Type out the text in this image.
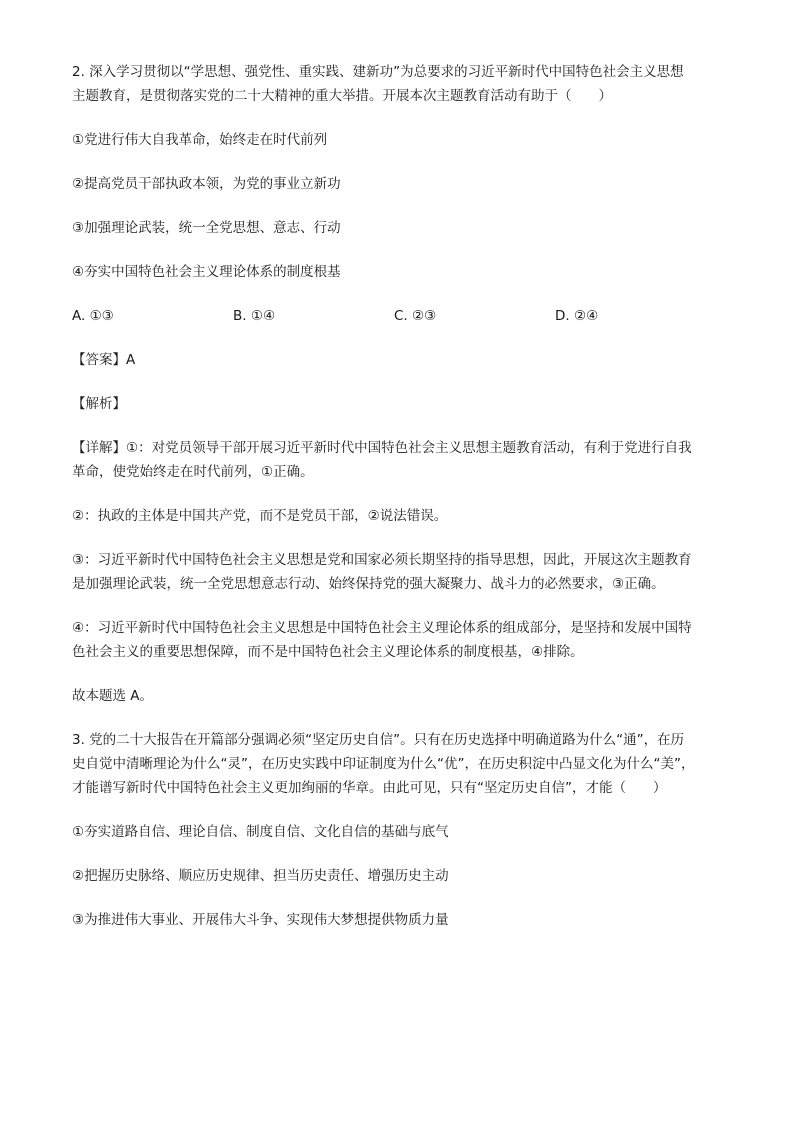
2. 深入学习贯彻以“学思想、强党性、重实践、建新功”为总要求的习近平新时代中国特色社会主义思想

主题教育，是贯彻落实党的二十大精神的重大举措。开展本次主题教育活动有助于（　　）

①党进行伟大自我革命，始终走在时代前列

②提高党员干部执政本领，为党的事业立新功

③加强理论武装，统一全党思想、意志、行动

④夯实中国特色社会主义理论体系的制度根基

A. ①③	B. ①④	C. ②③	D. ②④

【答案】A

【解析】

【详解】①：对党员领导干部开展习近平新时代中国特色社会主义思想主题教育活动，有利于党进行自我

革命，使党始终走在时代前列，①正确。

②：执政的主体是中国共产党，而不是党员干部，②说法错误。

③：习近平新时代中国特色社会主义思想是党和国家必须长期坚持的指导思想，因此，开展这次主题教育

是加强理论武装，统一全党思想意志行动、始终保持党的强大凝聚力、战斗力的必然要求，③正确。

④：习近平新时代中国特色社会主义思想是中国特色社会主义理论体系的组成部分，是坚持和发展中国特

色社会主义的重要思想保障，而不是中国特色社会主义理论体系的制度根基，④排除。

故本题选 A。

3. 党的二十大报告在开篇部分强调必须“坚定历史自信”。只有在历史选择中明确道路为什么“通”，在历

史自觉中清晰理论为什么“灵”，在历史实践中印证制度为什么“优”，在历史积淀中凸显文化为什么“美”，

才能谱写新时代中国特色社会主义更加绚丽的华章。由此可见，只有“坚定历史自信”，才能（　　）

①夯实道路自信、理论自信、制度自信、文化自信的基础与底气

②把握历史脉络、顺应历史规律、担当历史责任、增强历史主动

③为推进伟大事业、开展伟大斗争、实现伟大梦想提供物质力量
